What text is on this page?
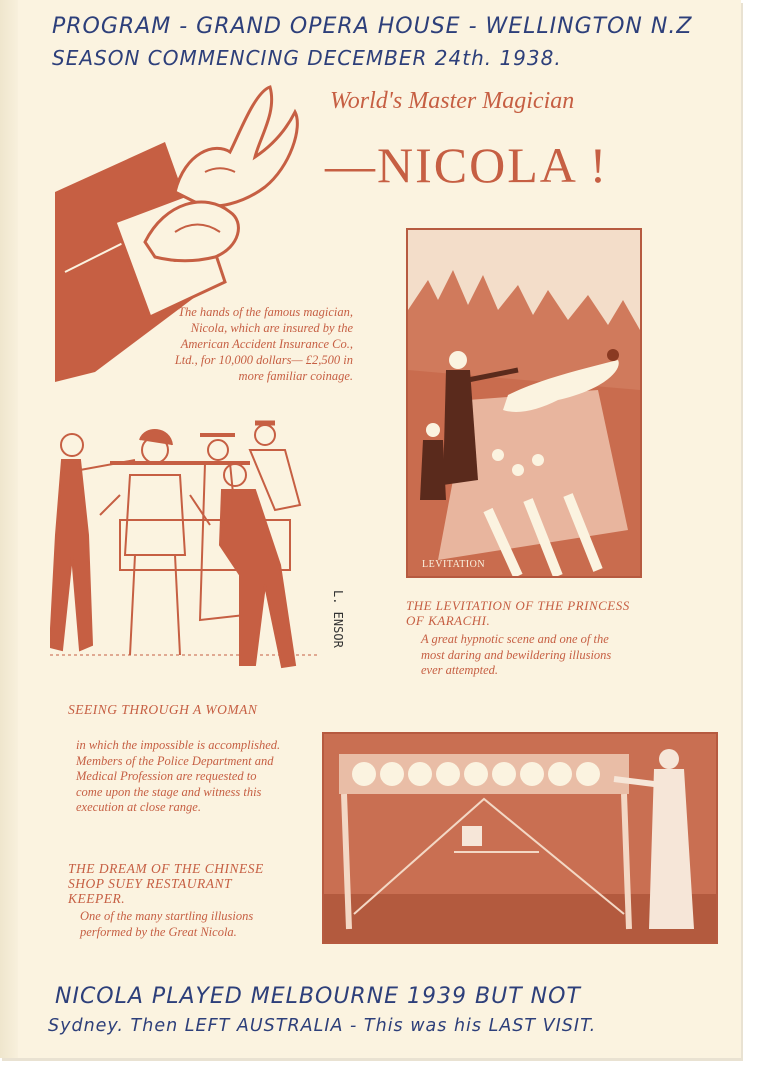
PROGRAM - GRAND OPERA HOUSE - WELLINGTON N.Z
SEASON COMMENCING DECEMBER 24th. 1938.
World's Master Magician
—NICOLA !
The hands of the famous magician, Nicola, which are insured by the American Accident Insurance Co., Ltd., for 10,000 dollars— £2,500 in more familiar coinage.
LEVITATION
THE LEVITATION OF THE PRINCESS OF KARACHI.
A great hypnotic scene and one of the most daring and bewildering illusions ever attempted.
L. ENSOR
SEEING THROUGH A WOMAN
in which the impossible is accomplished. Members of the Police Department and Medical Profession are requested to come upon the stage and witness this execution at close range.
THE DREAM OF THE CHINESE SHOP SUEY RESTAURANT KEEPER.
One of the many startling illusions performed by the Great Nicola.
NICOLA PLAYED MELBOURNE 1939 BUT NOT
Sydney. Then LEFT AUSTRALIA - This was his LAST VISIT.
